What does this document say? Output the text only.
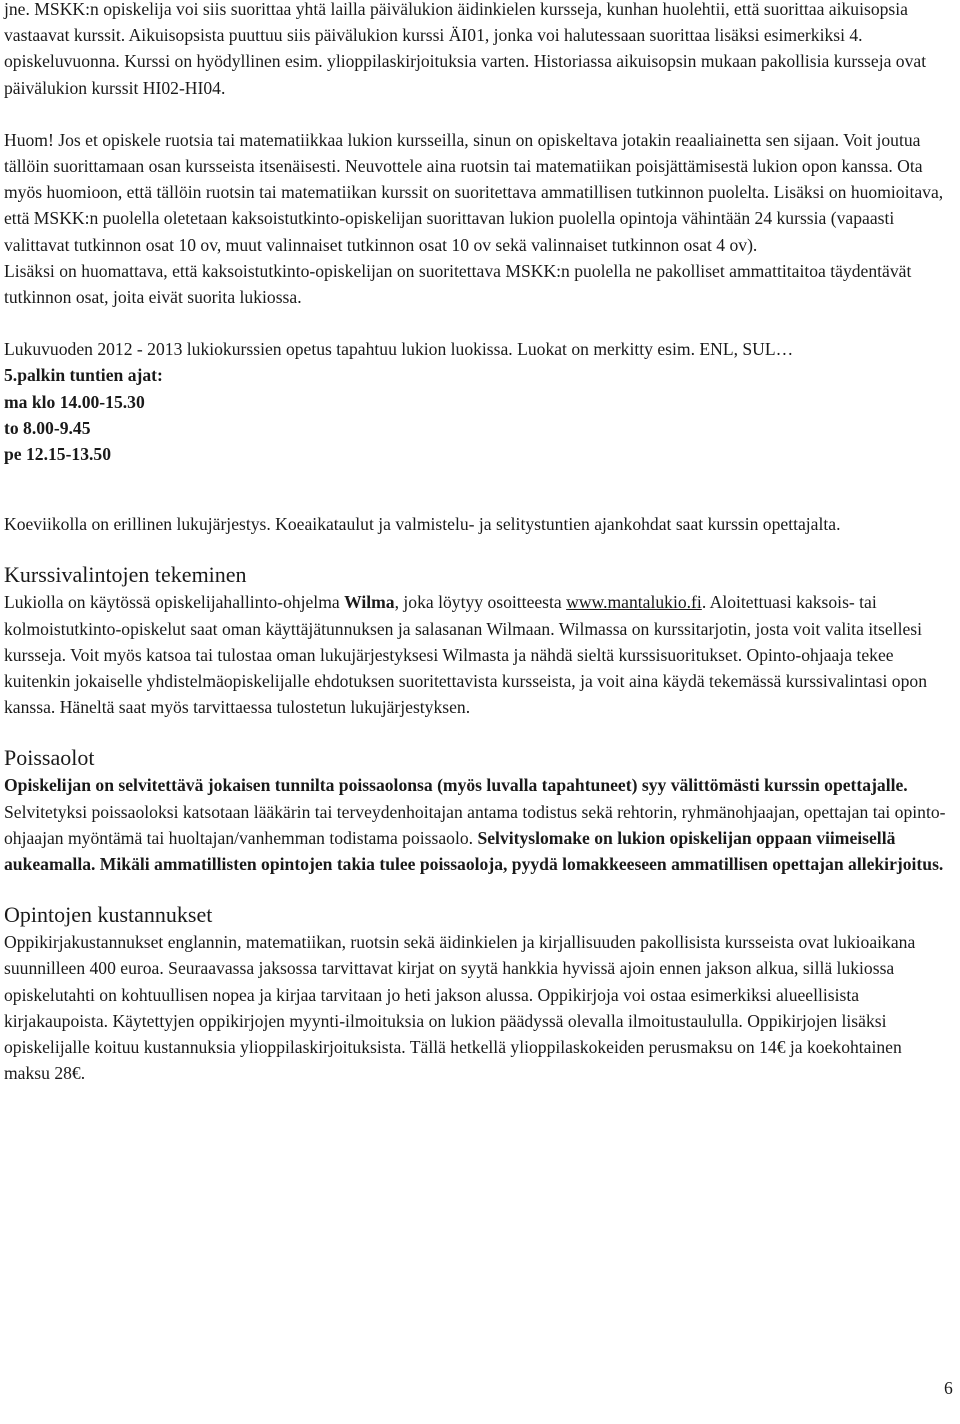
jne. MSKK:n opiskelija voi siis suorittaa yhtä lailla päivälukion äidinkielen kursseja, kunhan huolehtii, että suorittaa aikuisopsia vastaavat kurssit. Aikuisopsista puuttuu siis päivälukion kurssi ÄI01, jonka voi halutessaan suorittaa lisäksi esimerkiksi 4. opiskeluvuonna. Kurssi on hyödyllinen esim. ylioppilaskirjoituksia varten. Historiassa aikuisopsin mukaan pakollisia kursseja ovat päivälukion kurssit HI02-HI04.

Huom! Jos et opiskele ruotsia tai matematiikkaa lukion kursseilla, sinun on opiskeltava jotakin reaaliainetta sen sijaan. Voit joutua tällöin suorittamaan osan kursseista itsenäisesti. Neuvottele aina ruotsin tai matematiikan poisjättämisestä lukion opon kanssa. Ota myös huomioon, että tällöin ruotsin tai matematiikan kurssit on suoritettava ammatillisen tutkinnon puolelta. Lisäksi on huomioitava, että MSKK:n puolella oletetaan kaksoistutkinto-opiskelijan suorittavan lukion puolella opintoja vähintään 24 kurssia (vapaasti valittavat tutkinnon osat 10 ov, muut valinnaiset tutkinnon osat 10 ov sekä valinnaiset tutkinnon osat 4 ov).

Lisäksi on huomattava, että kaksoistutkinto-opiskelijan on suoritettava MSKK:n puolella ne pakolliset ammattitaitoa täydentävät tutkinnon osat, joita eivät suorita lukiossa.

Lukuvuoden 2012 - 2013 lukiokurssien opetus tapahtuu lukion luokissa. Luokat on merkitty esim. ENL, SUL…

5.palkin tuntien ajat:

ma klo 14.00-15.30

to 8.00-9.45

pe 12.15-13.50

Koeviikolla on erillinen lukujärjestys. Koeaikataulut ja valmistelu- ja selitystuntien ajankohdat saat kurssin opettajalta.

Kurssivalintojen tekeminen

Lukiolla on käytössä opiskelijahallinto-ohjelma Wilma, joka löytyy osoitteesta www.mantalukio.fi. Aloitettuasi kaksois- tai kolmoistutkinto-opiskelut saat oman käyttäjätunnuksen ja salasanan Wilmaan. Wilmassa on kurssitarjotin, josta voit valita itsellesi kursseja. Voit myös katsoa tai tulostaa oman lukujärjestyksesi Wilmasta ja nähdä sieltä kurssisuoritukset. Opinto-ohjaaja tekee kuitenkin jokaiselle yhdistelmäopiskelijalle ehdotuksen suoritettavista kursseista, ja voit aina käydä tekemässä kurssivalintasi opon kanssa. Häneltä saat myös tarvittaessa tulostetun lukujärjestyksen.

Poissaolot

Opiskelijan on selvitettävä jokaisen tunnilta poissaolonsa (myös luvalla tapahtuneet) syy välittömästi kurssin opettajalle. Selvitetyksi poissaoloksi katsotaan lääkärin tai terveydenhoitajan antama todistus sekä rehtorin, ryhmänohjaajan, opettajan tai opinto-ohjaajan myöntämä tai huoltajan/vanhemman todistama poissaolo. Selvityslomake on lukion opiskelijan oppaan viimeisellä aukeamalla. Mikäli ammatillisten opintojen takia tulee poissaoloja, pyydä lomakkeeseen ammatillisen opettajan allekirjoitus.

Opintojen kustannukset

Oppikirjakustannukset englannin, matematiikan, ruotsin sekä äidinkielen ja kirjallisuuden pakollisista kursseista ovat lukioaikana suunnilleen 400 euroa. Seuraavassa jaksossa tarvittavat kirjat on syytä hankkia hyvissä ajoin ennen jakson alkua, sillä lukiossa opiskelutahti on kohtuullisen nopea ja kirjaa tarvitaan jo heti jakson alussa. Oppikirjoja voi ostaa esimerkiksi alueellisista kirjakaupoista. Käytettyjen oppikirjojen myynti-ilmoituksia on lukion päädyssä olevalla ilmoitustaululla. Oppikirjojen lisäksi opiskelijalle koituu kustannuksia ylioppilaskirjoituksista. Tällä hetkellä ylioppilaskokeiden perusmaksu on 14€ ja koekohtainen maksu 28€.

6
